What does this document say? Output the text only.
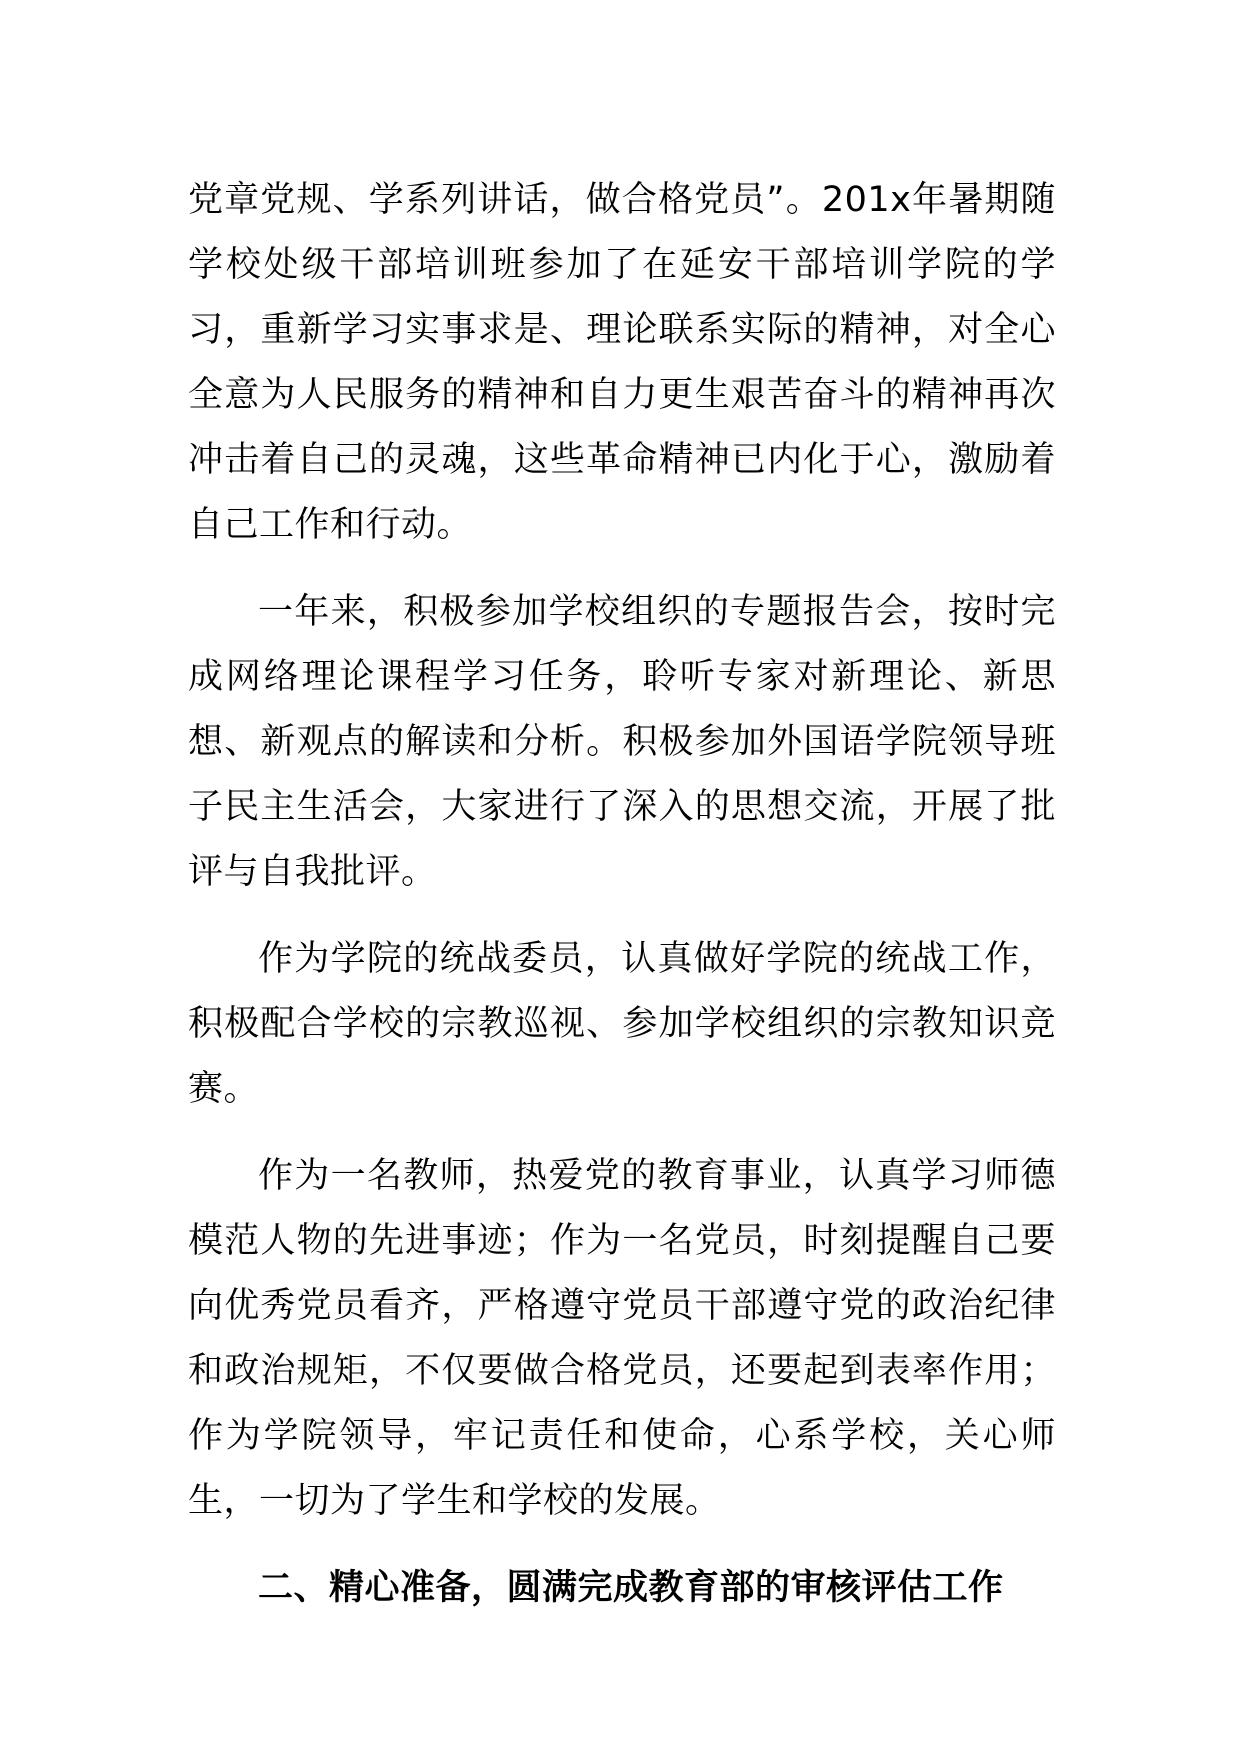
党章党规、学系列讲话，做合格党员”。201x年暑期随学校处级干部培训班参加了在延安干部培训学院的学习，重新学习实事求是、理论联系实际的精神，对全心全意为人民服务的精神和自力更生艰苦奋斗的精神再次冲击着自己的灵魂，这些革命精神已内化于心，激励着自己工作和行动。

一年来，积极参加学校组织的专题报告会，按时完成网络理论课程学习任务，聆听专家对新理论、新思想、新观点的解读和分析。积极参加外国语学院领导班子民主生活会，大家进行了深入的思想交流，开展了批评与自我批评。

作为学院的统战委员，认真做好学院的统战工作，积极配合学校的宗教巡视、参加学校组织的宗教知识竞赛。

作为一名教师，热爱党的教育事业，认真学习师德模范人物的先进事迹；作为一名党员，时刻提醒自己要向优秀党员看齐，严格遵守党员干部遵守党的政治纪律和政治规矩，不仅要做合格党员，还要起到表率作用；作为学院领导，牢记责任和使命，心系学校，关心师生，一切为了学生和学校的发展。

二、精心准备，圆满完成教育部的审核评估工作
